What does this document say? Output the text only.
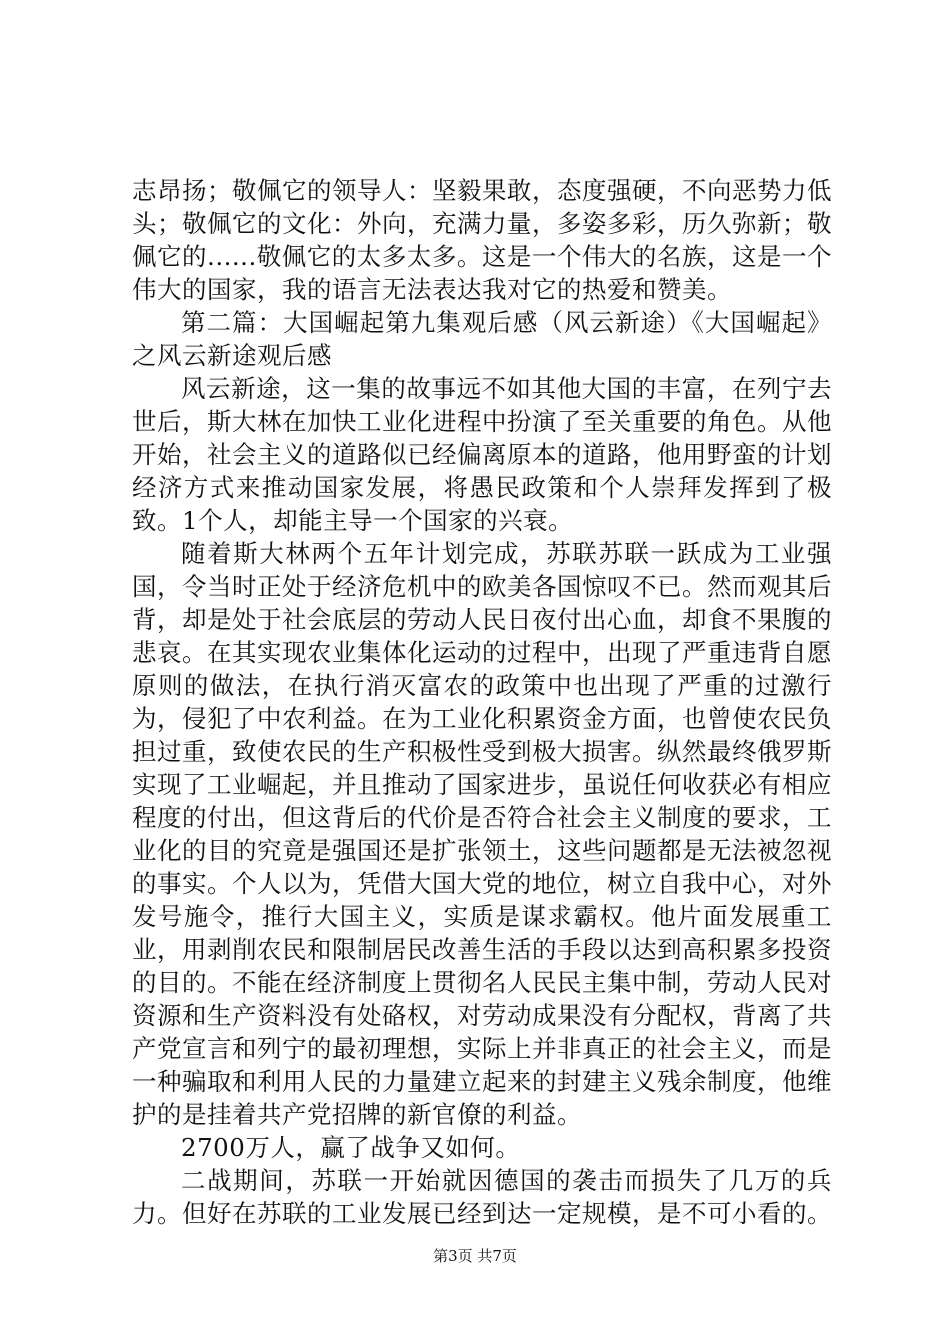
志昂扬；敬佩它的领导人：坚毅果敢，态度强硬，不向恶势力低头；敬佩它的文化：外向，充满力量，多姿多彩，历久弥新；敬佩它的......敬佩它的太多太多。这是一个伟大的名族，这是一个伟大的国家，我的语言无法表达我对它的热爱和赞美。

第二篇：大国崛起第九集观后感（风云新途）《大国崛起》之风云新途观后感

风云新途，这一集的故事远不如其他大国的丰富，在列宁去世后，斯大林在加快工业化进程中扮演了至关重要的角色。从他开始，社会主义的道路似已经偏离原本的道路，他用野蛮的计划经济方式来推动国家发展，将愚民政策和个人崇拜发挥到了极致。1个人，却能主导一个国家的兴衰。

随着斯大林两个五年计划完成，苏联苏联一跃成为工业强国，令当时正处于经济危机中的欧美各国惊叹不已。然而观其后背，却是处于社会底层的劳动人民日夜付出心血，却食不果腹的悲哀。在其实现农业集体化运动的过程中，出现了严重违背自愿原则的做法，在执行消灭富农的政策中也出现了严重的过激行为，侵犯了中农利益。在为工业化积累资金方面，也曾使农民负担过重，致使农民的生产积极性受到极大损害。纵然最终俄罗斯实现了工业崛起，并且推动了国家进步，虽说任何收获必有相应程度的付出，但这背后的代价是否符合社会主义制度的要求，工业化的目的究竟是强国还是扩张领土，这些问题都是无法被忽视的事实。个人以为，凭借大国大党的地位，树立自我中心，对外发号施令，推行大国主义，实质是谋求霸权。他片面发展重工业，用剥削农民和限制居民改善生活的手段以达到高积累多投资的目的。不能在经济制度上贯彻名人民民主集中制，劳动人民对资源和生产资料没有处硌权，对劳动成果没有分配权，背离了共产党宣言和列宁的最初理想，实际上并非真正的社会主义，而是一种骗取和利用人民的力量建立起来的封建主义残余制度，他维护的是挂着共产党招牌的新官僚的利益。

2700万人，赢了战争又如何。

二战期间，苏联一开始就因德国的袭击而损失了几万的兵力。但好在苏联的工业发展已经到达一定规模，是不可小看的。

第3页 共7页
